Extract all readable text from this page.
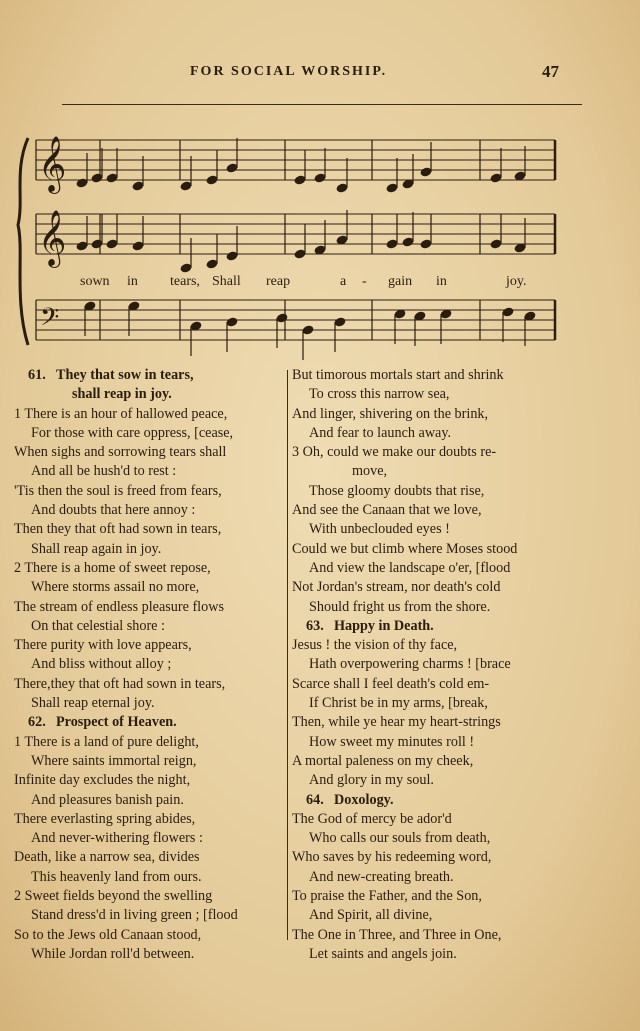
FOR SOCIAL WORSHIP.	47
𝄞
𝄞
𝄢
sown in tears, Shall reap	a - gain in	joy.
61. They that sow in tears,
shall reap in joy.
1 There is an hour of hallowed peace,
For those with care oppress, [cease,
When sighs and sorrowing tears shall
And all be hush'd to rest :
'Tis then the soul is freed from fears,
And doubts that here annoy :
Then they that oft had sown in tears,
Shall reap again in joy.
2 There is a home of sweet repose,
Where storms assail no more,
The stream of endless pleasure flows
On that celestial shore :
There purity with love appears,
And bliss without alloy ;
There,they that oft had sown in tears,
Shall reap eternal joy.
62. Prospect of Heaven.
1 There is a land of pure delight,
Where saints immortal reign,
Infinite day excludes the night,
And pleasures banish pain.
There everlasting spring abides,
And never-withering flowers :
Death, like a narrow sea, divides
This heavenly land from ours.
2 Sweet fields beyond the swelling
Stand dress'd in living green ; [flood
So to the Jews old Canaan stood,
While Jordan roll'd between.
But timorous mortals start and shrink
To cross this narrow sea,
And linger, shivering on the brink,
And fear to launch away.
3 Oh, could we make our doubts re-
move,
Those gloomy doubts that rise,
And see the Canaan that we love,
With unbeclouded eyes !
Could we but climb where Moses stood
And view the landscape o'er, [flood
Not Jordan's stream, nor death's cold
Should fright us from the shore.
63. Happy in Death.
Jesus ! the vision of thy face,
Hath overpowering charms ! [brace
Scarce shall I feel death's cold em-
If Christ be in my arms, [break,
Then, while ye hear my heart-strings
How sweet my minutes roll !
A mortal paleness on my cheek,
And glory in my soul.
64. Doxology.
The God of mercy be ador'd
Who calls our souls from death,
Who saves by his redeeming word,
And new-creating breath.
To praise the Father, and the Son,
And Spirit, all divine,
The One in Three, and Three in One,
Let saints and angels join.
